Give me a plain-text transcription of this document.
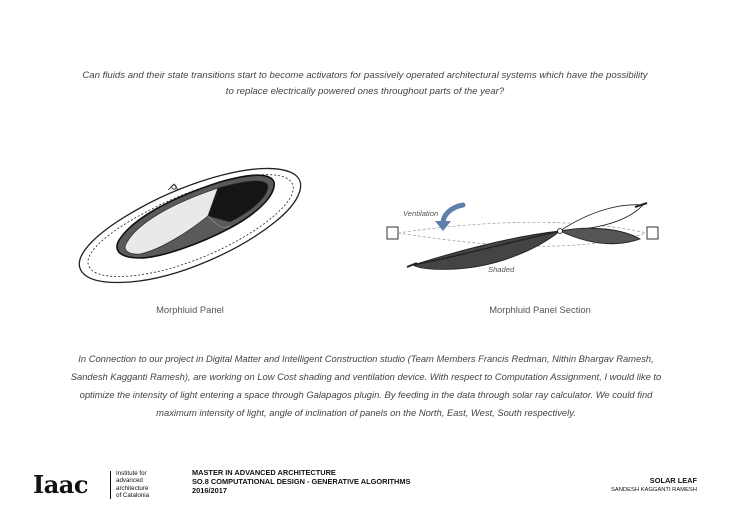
Can fluids and their state transitions start to become activators for passively operated architectural systems which have the possibility to replace electrically powered ones throughout parts of the year?
Ventilation
Shaded
Morphluid Panel	Morphluid Panel Section
In Connection to our project in Digital Matter and Intelligent Construction studio (Team Members Francis Redman, Nithin Bhargav Ramesh, Sandesh Kagganti Ramesh), are working on Low Cost shading and ventilation device. With respect to Computation Assignment, I would like to optimize the intensity of light entering a space through Galapagos plugin. By feeding in the data through solar ray calculator. We could find maximum intensity of light, angle of inclination of panels on the North, East, West, South respectively.
Iaac	Institute for
advanced
architecture
of Catalonia
MASTER IN ADVANCED ARCHITECTURE
SO.8 COMPUTATIONAL DESIGN - GENERATIVE ALGORITHMS
2016/2017
SOLAR LEAF
SANDESH KAGGANTI RAMESH
